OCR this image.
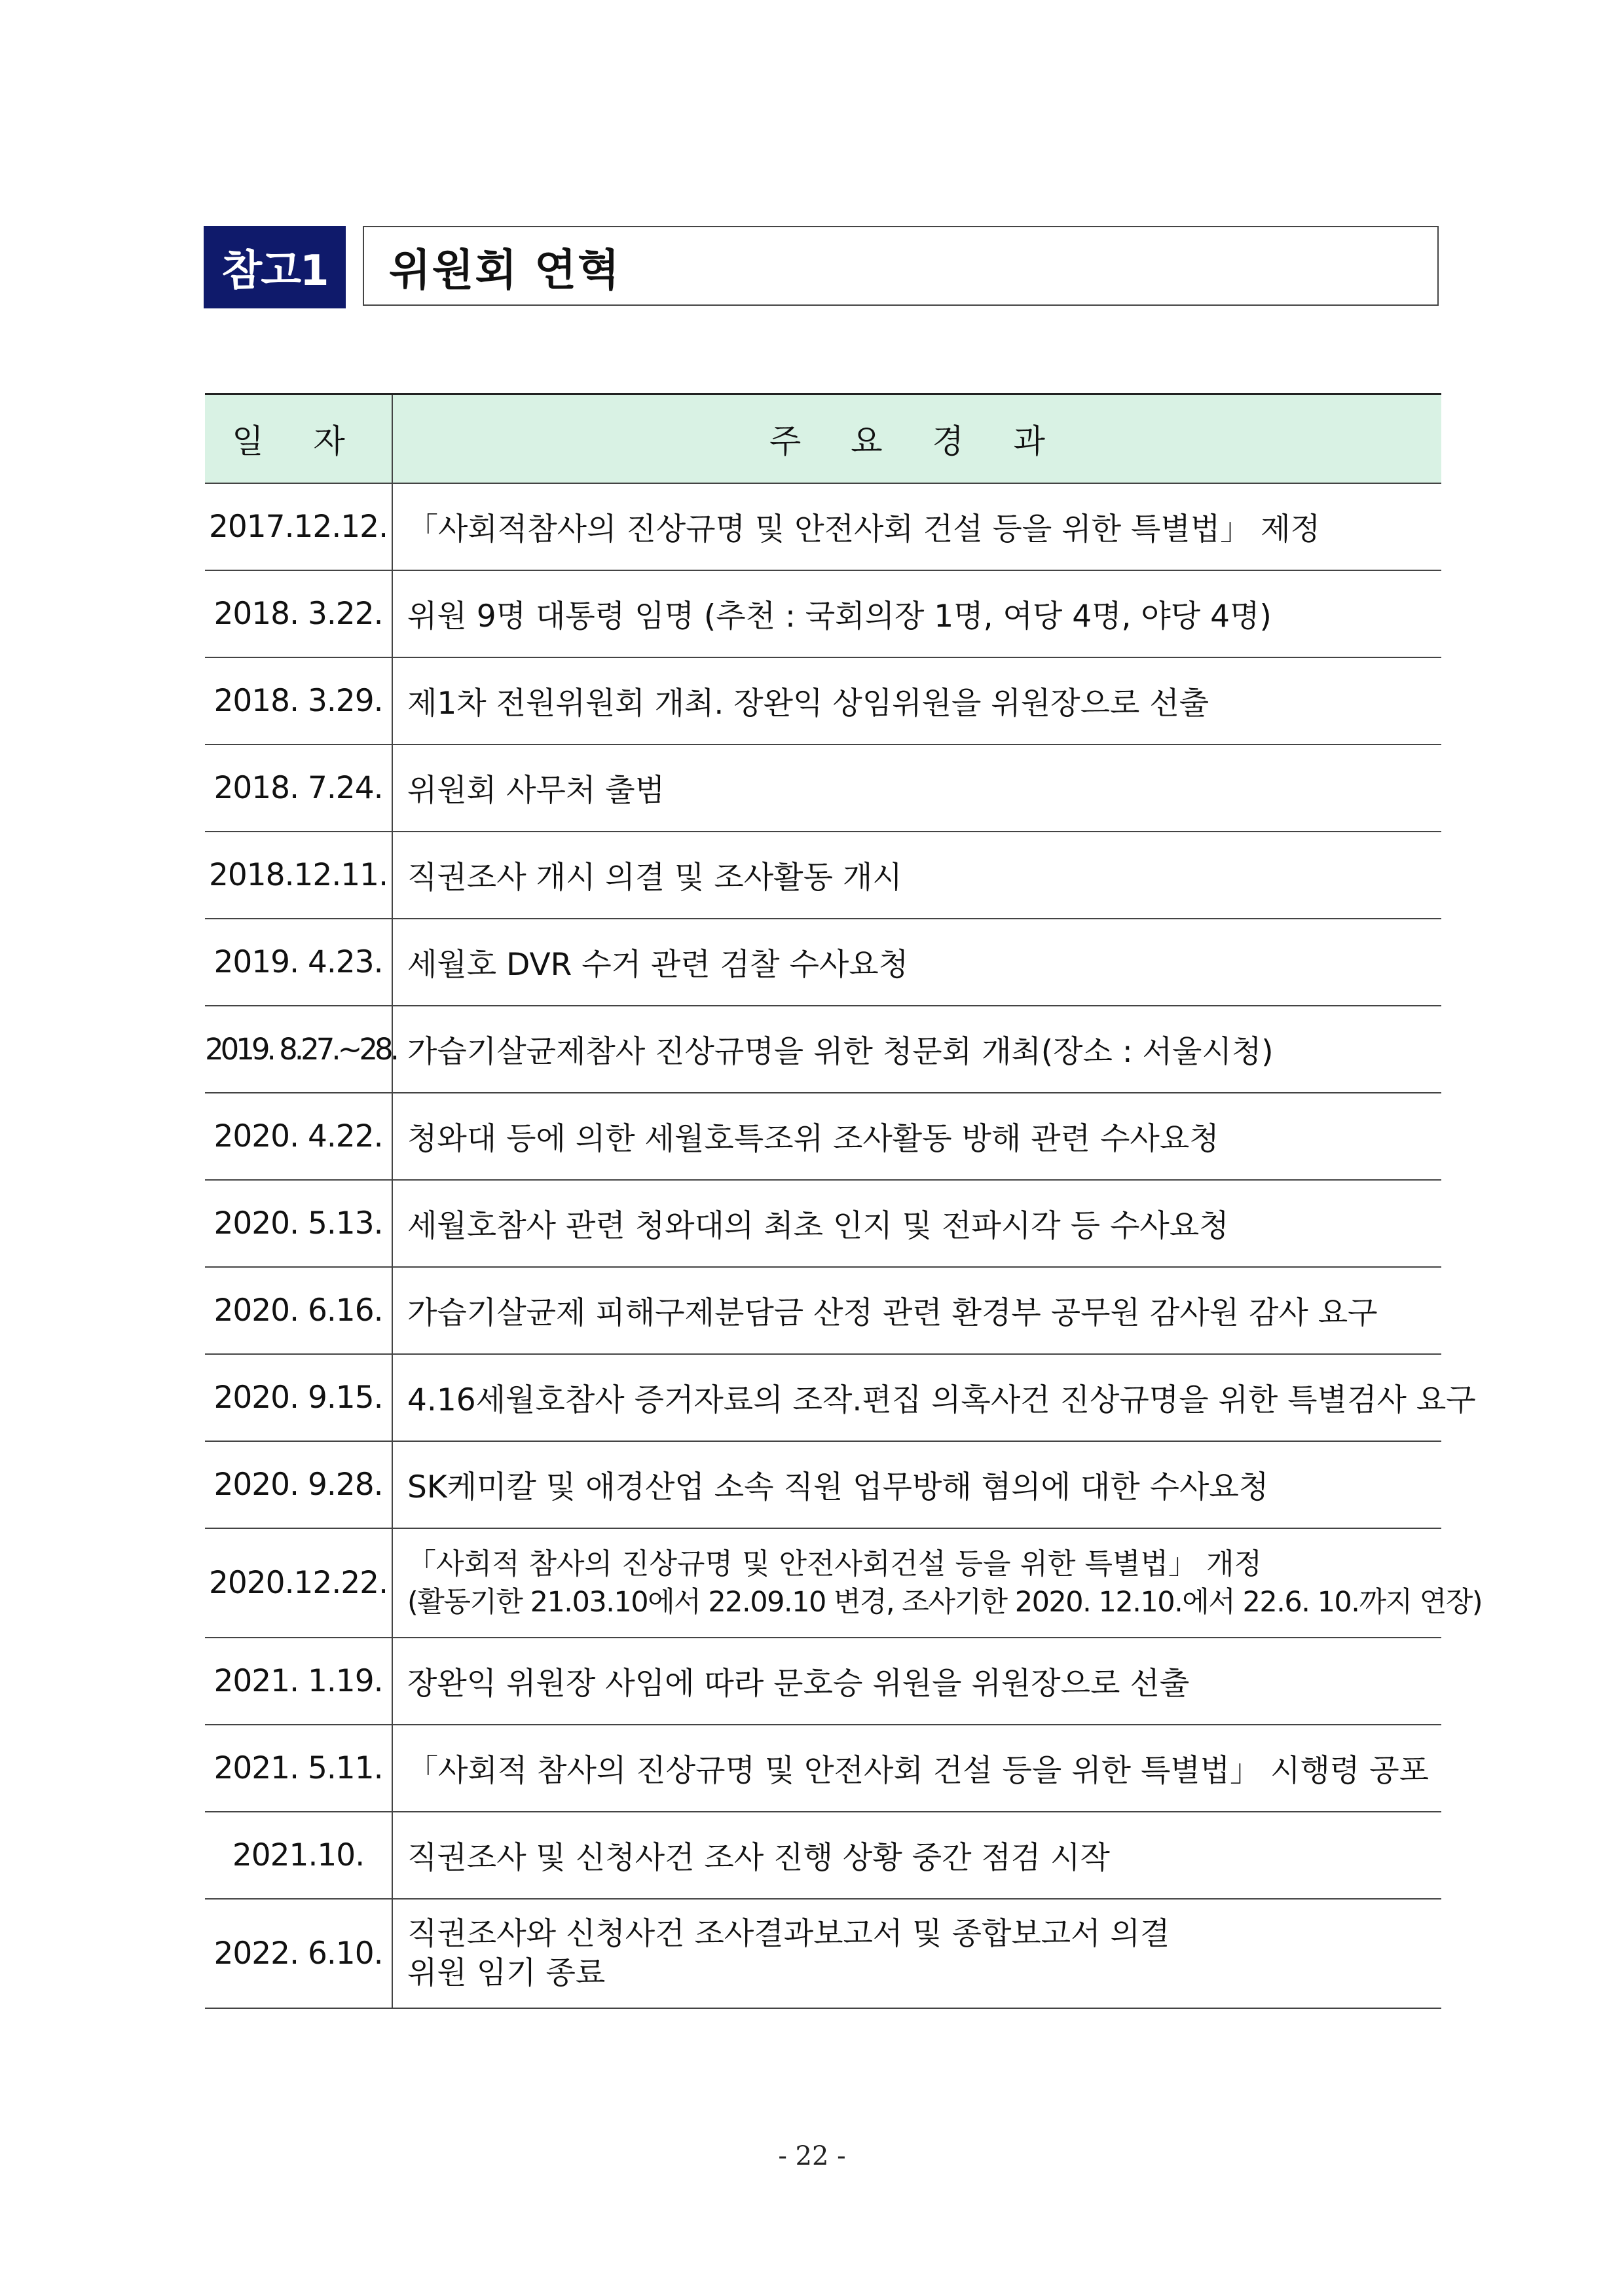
참고1	위원회 연혁
일 자	주 요 경 과
2017.12.12.	「사회적참사의 진상규명 및 안전사회 건설 등을 위한 특별법」 제정

2018. 3.22.	위원 9명 대통령 임명 (추천 : 국회의장 1명, 여당 4명, 야당 4명)

2018. 3.29.	제1차 전원위원회 개최. 장완익 상임위원을 위원장으로 선출

2018. 7.24.	위원회 사무처 출범

2018.12.11.	직권조사 개시 의결 및 조사활동 개시

2019. 4.23.	세월호 DVR 수거 관련 검찰 수사요청

2019. 8.27.~28.	가습기살균제참사 진상규명을 위한 청문회 개최(장소 : 서울시청)

2020. 4.22.	청와대 등에 의한 세월호특조위 조사활동 방해 관련 수사요청

2020. 5.13.	세월호참사 관련 청와대의 최초 인지 및 전파시각 등 수사요청

2020. 6.16.	가습기살균제 피해구제분담금 산정 관련 환경부 공무원 감사원 감사 요구

2020. 9.15.	4.16세월호참사 증거자료의 조작.편집 의혹사건 진상규명을 위한 특별검사 요구

2020. 9.28.	SK케미칼 및 애경산업 소속 직원 업무방해 혐의에 대한 수사요청

2020.12.22.	「사회적 참사의 진상규명 및 안전사회건설 등을 위한 특별법」 개정
(활동기한 21.03.10에서 22.09.10 변경, 조사기한 2020. 12.10.에서 22.6. 10.까지 연장)

2021. 1.19.	장완익 위원장 사임에 따라 문호승 위원을 위원장으로 선출

2021. 5.11.	「사회적 참사의 진상규명 및 안전사회 건설 등을 위한 특별법」 시행령 공포

2021.10.	직권조사 및 신청사건 조사 진행 상황 중간 점검 시작

2022. 6.10.	직권조사와 신청사건 조사결과보고서 및 종합보고서 의결
위원 임기 종료
- 22 -
